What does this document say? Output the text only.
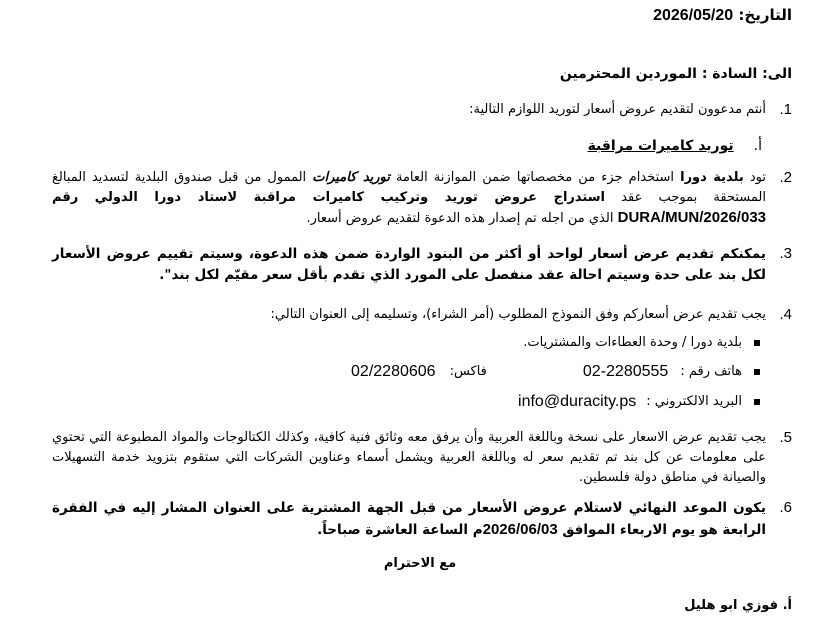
التاريخ: 2026/05/20
الى: السادة : الموردين المحترمين
1.
أنتم مدعوون لتقديم عروض أسعار لتوريد اللوازم التالية:
أ.توريد كاميرات مراقبة
2.
تود بلدية دورا استخدام جزء من مخصصاتها ضمن الموازنة العامة توريد كاميرات الممول من قبل صندوق البلدية لتسديد المبالغ المستحقة بموجب عقد استدراج عروض توريد وتركيب كاميرات مراقبة لاستاد دورا الدولي رقم DURA/MUN/2026/033 الذي من اجله تم إصدار هذه الدعوة لتقديم عروض أسعار.
3.
يمكنكم تقديم عرض أسعار لواحد أو أكثر من البنود الواردة ضمن هذه الدعوة، وسيتم تقييم عروض الأسعار لكل بند على حدة وسيتم احالة عقد منفصل على المورد الذي تقدم بأقل سعر مقيّم لكل بند".
4.
يجب تقديم عرض أسعاركم وفق النموذج المطلوب (أمر الشراء)، وتسليمه إلى العنوان التالي:
بلدية دورا / وحدة العطاءات والمشتريات.
هاتف رقم :
02-2280555
فاكس:
02/2280606
البريد الالكتروني :
info@duracity.ps
5.
يجب تقديم عرض الاسعار على نسخة وباللغة العربية وأن يرفق معه وثائق فنية كافية، وكذلك الكتالوجات والمواد المطبوعة التي تحتوي على معلومات عن كل بند تم تقديم سعر له وباللغة العربية ويشمل أسماء وعناوين الشركات التي ستقوم بتزويد خدمة التسهيلات والصيانة في مناطق دولة فلسطين.
6.
يكون الموعد النهائي لاستلام عروض الأسعار من قبل الجهة المشترية على العنوان المشار إليه في الفقرة الرابعة هو يوم الاربعاء الموافق 2026/06/03م الساعة العاشرة صباحاً.
مع الاحترام
أ. فوزي ابو هليل
